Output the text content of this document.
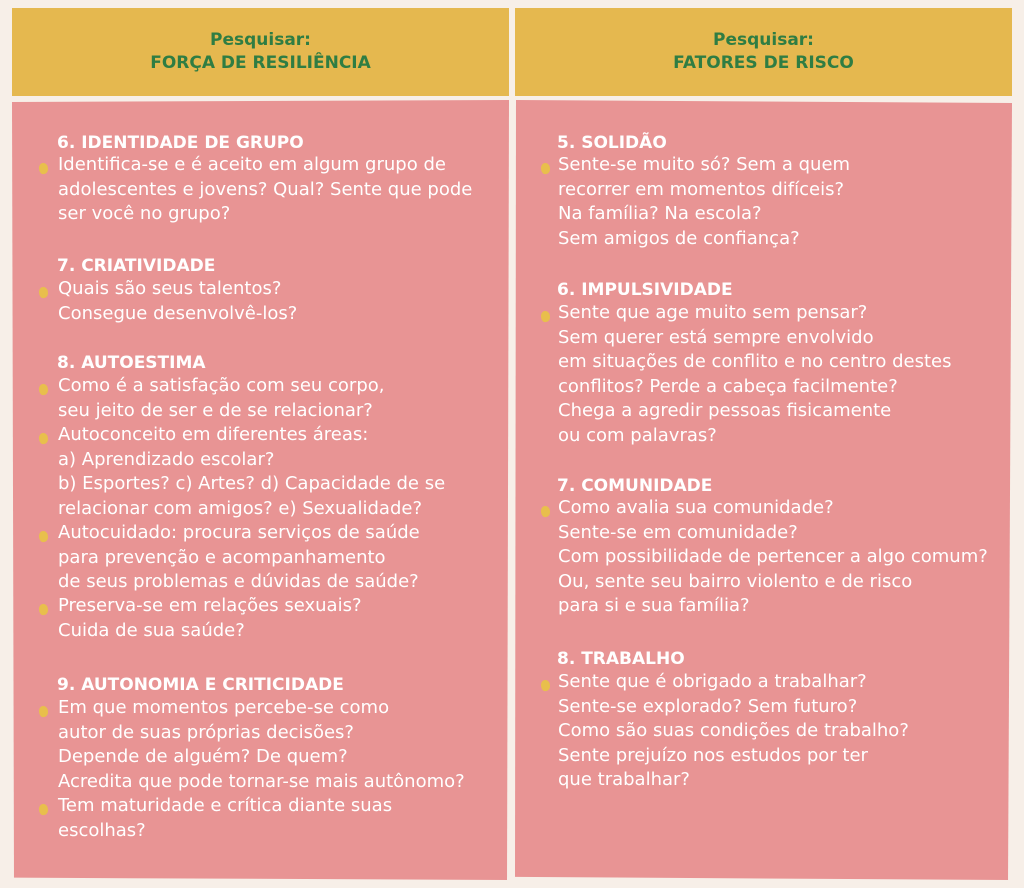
Pesquisar:
FORÇA DE RESILIÊNCIA
6. IDENTIDADE DE GRUPO
Identifica-se e é aceito em algum grupo de
adolescentes e jovens? Qual? Sente que pode
ser você no grupo?
7. CRIATIVIDADE
Quais são seus talentos?
Consegue desenvolvê-los?
8. AUTOESTIMA
Como é a satisfação com seu corpo,
seu jeito de ser e de se relacionar?
Autoconceito em diferentes áreas:
a) Aprendizado escolar?
b) Esportes? c) Artes? d) Capacidade de se
relacionar com amigos? e) Sexualidade?
Autocuidado: procura serviços de saúde
para prevenção e acompanhamento
de seus problemas e dúvidas de saúde?
Preserva-se em relações sexuais?
Cuida de sua saúde?
9. AUTONOMIA E CRITICIDADE
Em que momentos percebe-se como
autor de suas próprias decisões?
Depende de alguém? De quem?
Acredita que pode tornar-se mais autônomo?
Tem maturidade e crítica diante suas
escolhas?
Pesquisar:
FATORES DE RISCO
5. SOLIDÃO
Sente-se muito só? Sem a quem
recorrer em momentos difíceis?
Na família? Na escola?
Sem amigos de confiança?
6. IMPULSIVIDADE
Sente que age muito sem pensar?
Sem querer está sempre envolvido
em situações de conflito e no centro destes
conflitos? Perde a cabeça facilmente?
Chega a agredir pessoas fisicamente
ou com palavras?
7. COMUNIDADE
Como avalia sua comunidade?
Sente-se em comunidade?
Com possibilidade de pertencer a algo comum?
Ou, sente seu bairro violento e de risco
para si e sua família?
8. TRABALHO
Sente que é obrigado a trabalhar?
Sente-se explorado? Sem futuro?
Como são suas condições de trabalho?
Sente prejuízo nos estudos por ter
que trabalhar?
